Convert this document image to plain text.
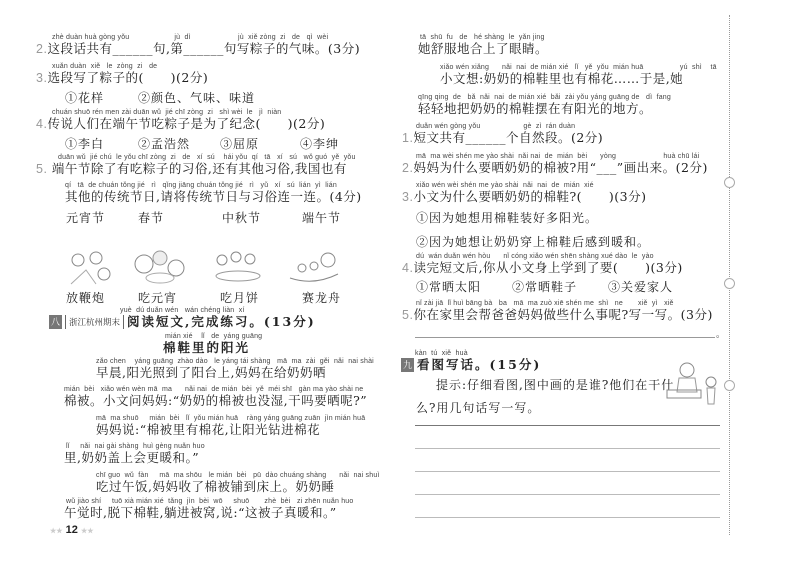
zhè duàn huà gòng yǒu                     jù  dì                      jù  xiě zòng  zi   de   qì  wèi
2.这段话共有______句,第______句写粽子的气味。(3分)
xuǎn duàn  xiě   le  zòng  zi   de
3.选段写了粽子的(      )(2分)
①花样	②颜色、气味、味道
chuán shuō rén men zài duān wǔ  jié chī zòng  zi   shì wèi  le   jì  niàn
4.传说人们在端午节吃粽子是为了纪念(      )(2分)
①李白	②孟浩然 ③屈原	④李绅
duān wǔ  jié chú  le yǒu chī zòng  zi   de   xí  sú    hái yǒu  qí   tā   xí   sú   wǒ guó  yě  yǒu
5. 端午节除了有吃粽子的习俗,还有其他习俗,我国也有
qí   tā  de chuán tǒng jié   rì   qǐng jiāng chuán tǒng jié   rì   yǔ   xí   sú  lián  yì  lián
其他的传统节日,请将传统节日与习俗连一连。(4分)
元宵节	春节	中秋节	端午节
放鞭炮	吃元宵	吃月饼	赛龙舟
yuè  dú duǎn wén   wán chéng liàn  xí
八	浙江杭州期末 阅读短文,完成练习。(13分)
mián xié    lǐ   de  yáng guāng
棉鞋里的阳光
zǎo chen    yáng guāng  zhào dào   le yáng tái shàng   mā  ma  zài  gěi  nǎi  nai shài
早晨,阳光照到了阳台上,妈妈在给奶奶晒
mián  bèi   xiǎo wén wèn mā  ma      nǎi nai  de mián  bèi  yě  méi shī   gàn ma yào shài ne
棉被。小文问妈妈:“奶奶的棉被也没湿,干吗要晒呢?”
mā  ma shuō     mián  bèi   lǐ  yǒu mián huā    ràng yáng guāng zuān  jìn mián huā
妈妈说:“棉被里有棉花,让阳光钻进棉花
lǐ     nǎi  nai gài shàng  huì gèng nuǎn huo
里,奶奶盖上会更暖和。”
chī guo  wǔ  fàn     mā  ma shōu   le mián  bèi   pū  dào chuáng shàng      nǎi  nai shuì
吃过午饭,妈妈收了棉被铺到床上。奶奶睡
wǔ jiào shí     tuō xià mián xié  tǎng  jìn  bèi  wō     shuō       zhè  bèi   zi zhēn nuǎn huo
午觉时,脱下棉鞋,躺进被窝,说:“这被子真暖和。”
★★ 12 ★★
tā  shū  fu   de   hé shàng  le  yǎn jing
她舒服地合上了眼睛。
xiǎo wén xiǎng      nǎi  nai  de mián xié   lǐ   yě  yǒu  mián huā                 yú  shì    tā
小文想:奶奶的棉鞋里也有棉花……于是,她
qīng qing  de   bǎ  nǎi  nai  de mián xié  bǎi  zài yǒu yáng guāng de   dì  fang
轻轻地把奶奶的棉鞋摆在有阳光的地方。
duǎn wén gòng yǒu                    gè  zì  rán duàn
1.短文共有______个自然段。(2分)
mā  ma wèi shén me yào shài  nǎi nai  de  mián  bèi      yòng                      huà chū lái
2.妈妈为什么要晒奶奶的棉被?用“___”画出来。(2分)
xiǎo wén wèi shén me yào shài  nǎi  nai  de  mián  xié
3.小文为什么要晒奶奶的棉鞋?(      )(3分)
①因为她想用棉鞋装好多阳光。
②因为她想让奶奶穿上棉鞋后感到暖和。
dú  wán duǎn wén hòu      nǐ cóng xiǎo wén shēn shàng xué dào  le  yào
4.读完短文后,你从小文身上学到了要(      )(3分)
①常晒太阳	②常晒鞋子	③关爱家人
nǐ zài jiā  lǐ huì bāng bà   ba   mā  ma zuò xiē shén me  shì   ne       xiě  yì   xiě
5.你在家里会帮爸爸妈妈做些什么事呢?写一写。(3分)
。
kàn  tú  xiě  huà
九 看图写话。(15分)
提示:仔细看图,图中画的是谁?他们在干什
么?用几句话写一写。
